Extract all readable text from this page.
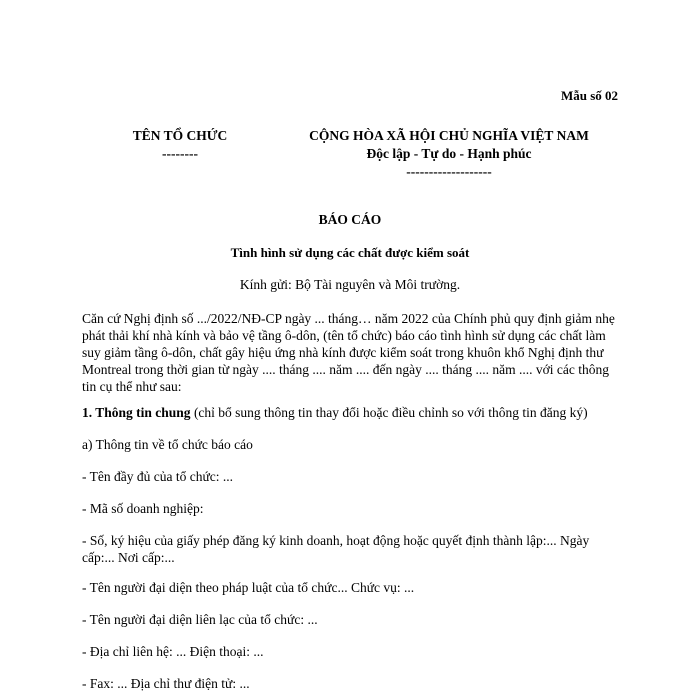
Mẫu số 02
TÊN TỔ CHỨC
--------
CỘNG HÒA XÃ HỘI CHỦ NGHĨA VIỆT NAM
Độc lập - Tự do - Hạnh phúc
-------------------
BÁO CÁO
Tình hình sử dụng các chất được kiểm soát
Kính gửi: Bộ Tài nguyên và Môi trường.
Căn cứ Nghị định số .../2022/NĐ-CP ngày ... tháng… năm 2022 của Chính phủ quy định giảm nhẹ phát thải khí nhà kính và bảo vệ tầng ô-dôn, (tên tổ chức) báo cáo tình hình sử dụng các chất làm suy giảm tầng ô-dôn, chất gây hiệu ứng nhà kính được kiểm soát trong khuôn khổ Nghị định thư Montreal trong thời gian từ ngày .... tháng .... năm .... đến ngày .... tháng .... năm .... với các thông tin cụ thể như sau:
1. Thông tin chung (chỉ bổ sung thông tin thay đổi hoặc điều chỉnh so với thông tin đăng ký)
a) Thông tin về tổ chức báo cáo
- Tên đầy đủ của tổ chức: ...
- Mã số doanh nghiệp:
- Số, ký hiệu của giấy phép đăng ký kinh doanh, hoạt động hoặc quyết định thành lập:... Ngày cấp:... Nơi cấp:...
- Tên người đại diện theo pháp luật của tổ chức... Chức vụ: ...
- Tên người đại diện liên lạc của tổ chức: ...
- Địa chỉ liên hệ: ... Điện thoại: ...
- Fax: ... Địa chỉ thư điện tử: ...
